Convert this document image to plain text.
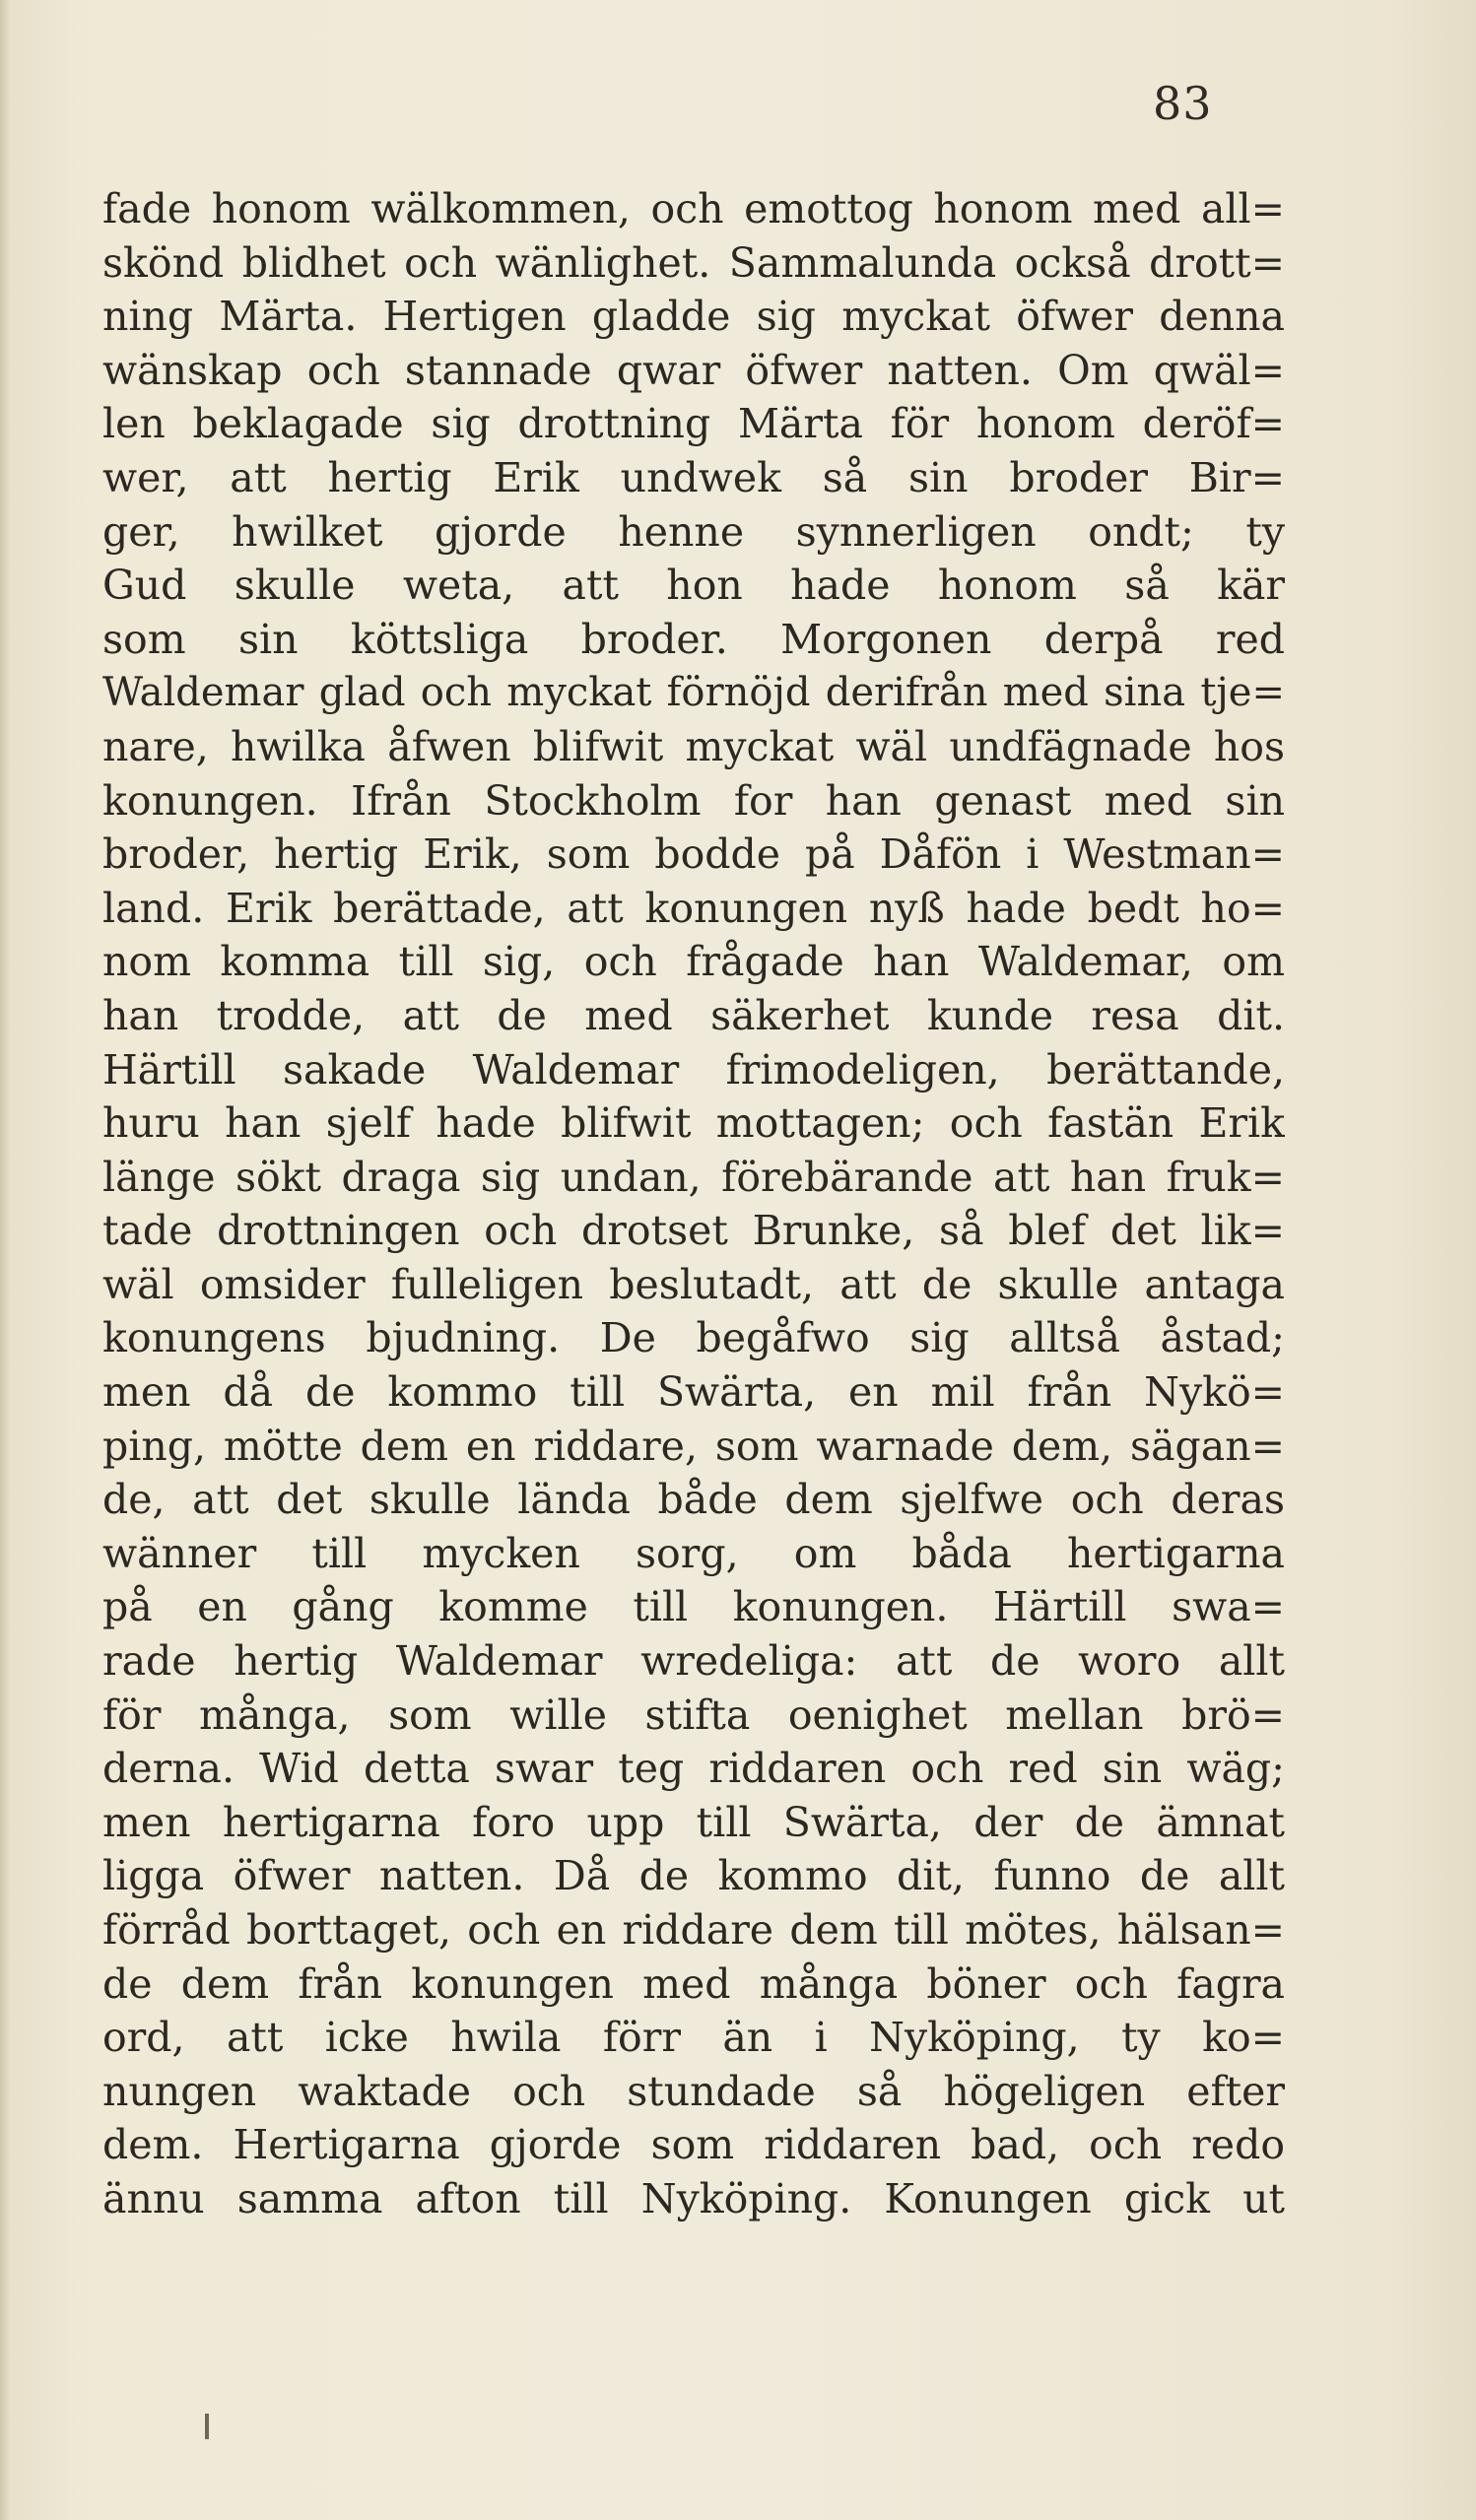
83
fade honom wälkommen, och emottog honom med all=
skönd blidhet och wänlighet. Sammalunda också drott=
ning Märta. Hertigen gladde sig myckat öfwer denna
wänskap och stannade qwar öfwer natten. Om qwäl=
len beklagade sig drottning Märta för honom deröf=
wer, att hertig Erik undwek så sin broder Bir=
ger, hwilket gjorde henne synnerligen ondt; ty
Gud skulle weta, att hon hade honom så kär
som sin köttsliga broder. Morgonen derpå red
Waldemar glad och myckat förnöjd derifrån med sina tje=
nare, hwilka åfwen blifwit myckat wäl undfägnade hos
konungen. Ifrån Stockholm for han genast med sin
broder, hertig Erik, som bodde på Dåfön i Westman=
land. Erik berättade, att konungen nyß hade bedt ho=
nom komma till sig, och frågade han Waldemar, om
han trodde, att de med säkerhet kunde resa dit.
Härtill sakade Waldemar frimodeligen, berättande,
huru han sjelf hade blifwit mottagen; och fastän Erik
länge sökt draga sig undan, förebärande att han fruk=
tade drottningen och drotset Brunke, så blef det lik=
wäl omsider fulleligen beslutadt, att de skulle antaga
konungens bjudning. De begåfwo sig alltså åstad;
men då de kommo till Swärta, en mil från Nykö=
ping, mötte dem en riddare, som warnade dem, sägan=
de, att det skulle lända både dem sjelfwe och deras
wänner till mycken sorg, om båda hertigarna
på en gång komme till konungen. Härtill swa=
rade hertig Waldemar wredeliga: att de woro allt
för många, som wille stifta oenighet mellan brö=
derna. Wid detta swar teg riddaren och red sin wäg;
men hertigarna foro upp till Swärta, der de ämnat
ligga öfwer natten. Då de kommo dit, funno de allt
förråd borttaget, och en riddare dem till mötes, hälsan=
de dem från konungen med många böner och fagra
ord, att icke hwila förr än i Nyköping, ty ko=
nungen waktade och stundade så högeligen efter
dem. Hertigarna gjorde som riddaren bad, och redo
ännu samma afton till Nyköping. Konungen gick ut
